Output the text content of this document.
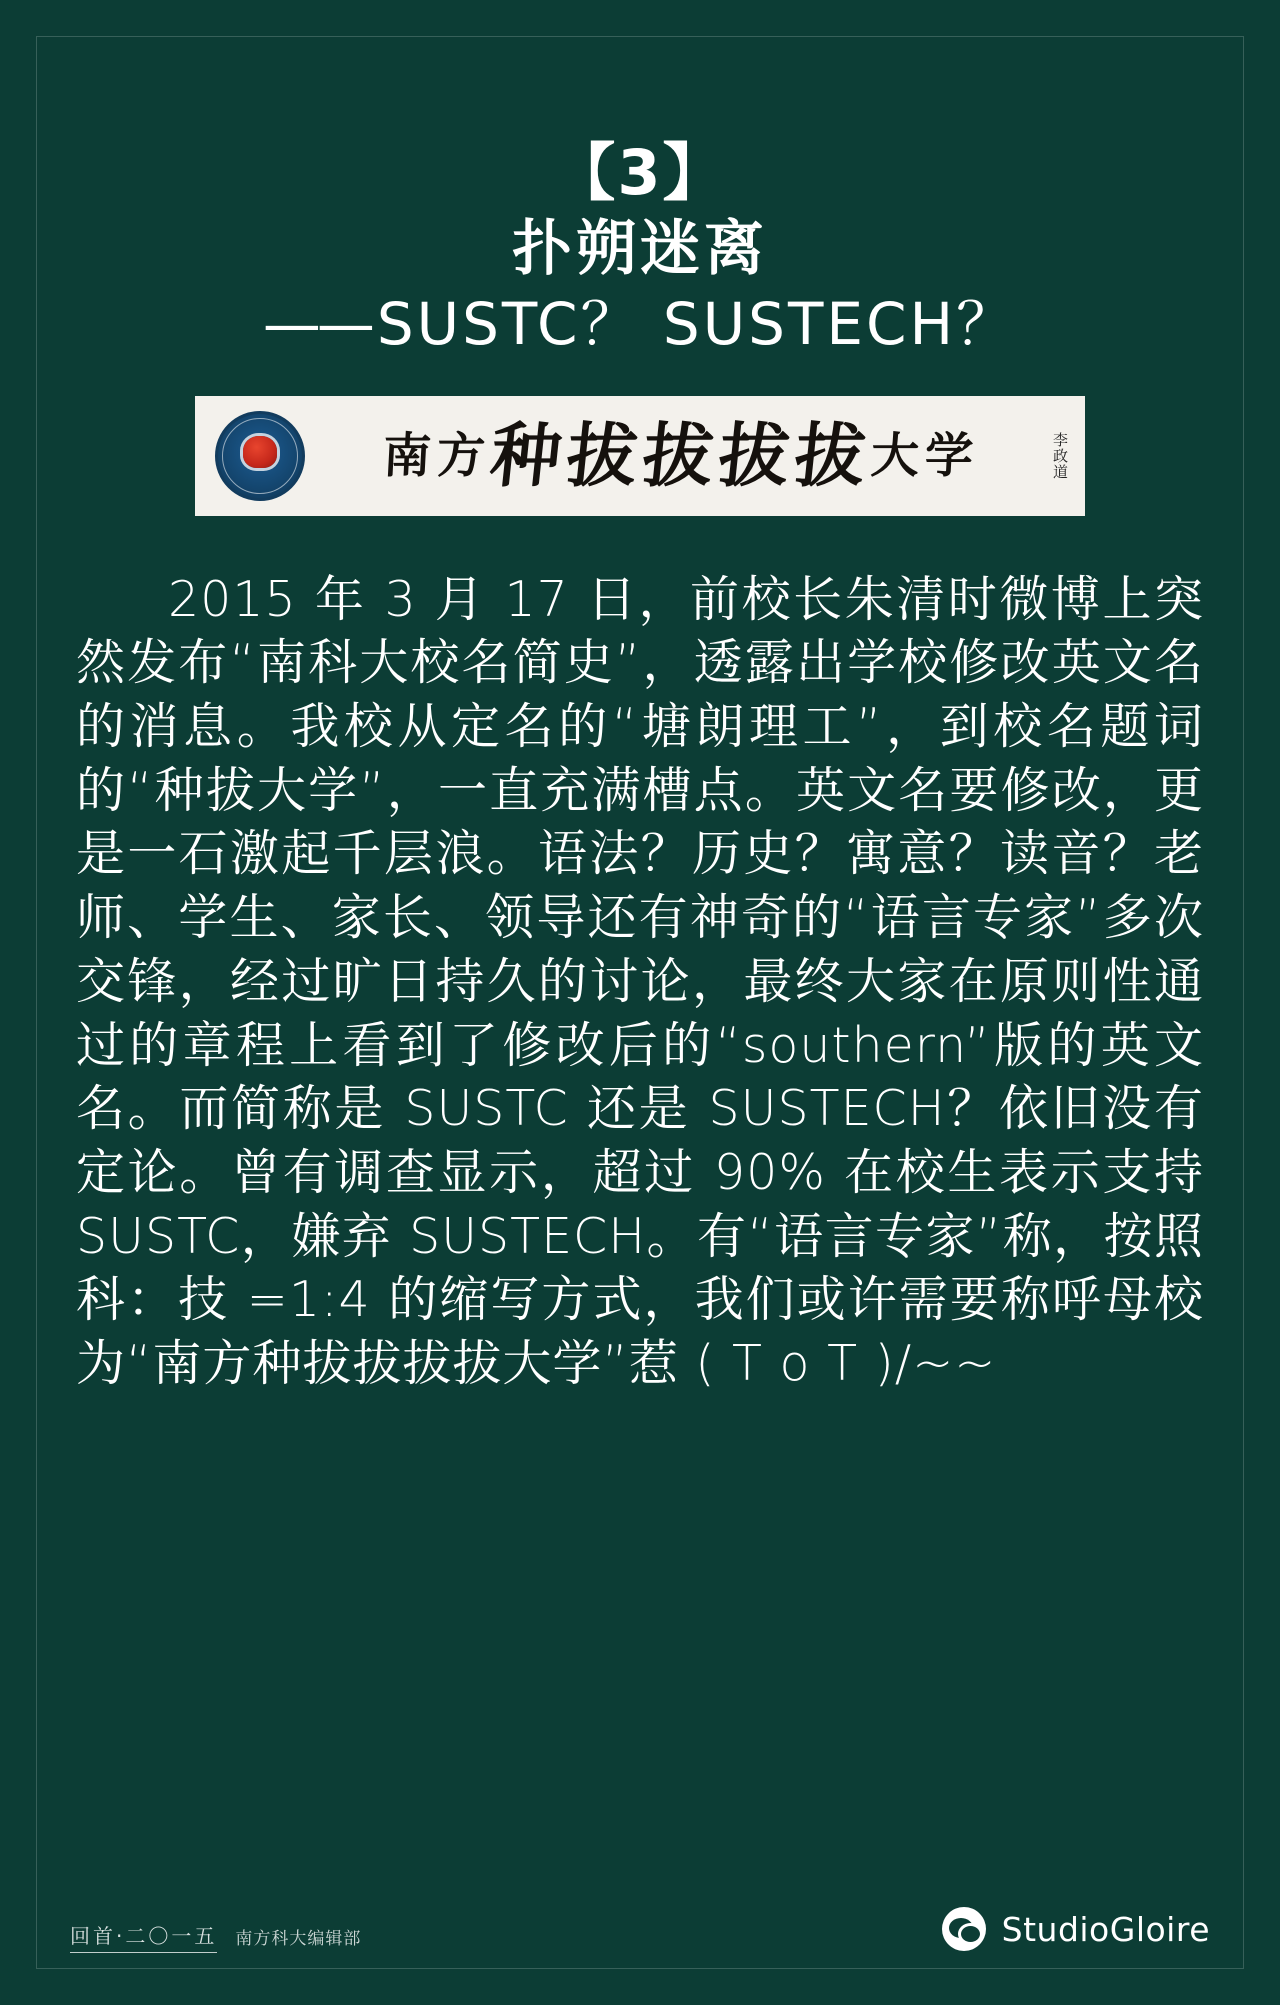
【3】
扑朔迷离
—— SUSTC？ SUSTECH？
南 方 种
拔
拔
拔
拔 大 学	李政道
2015 年 3 月 17 日，前校长朱清时微博上突然发布“南科大校名简史”，透露出学校修改英文名的消息。我校从定名的“塘朗理工”，到校名题词的“种拔大学”，一直充满槽点。英文名要修改，更是一石激起千层浪。语法？历史？寓意？读音？老师、学生、家长、领导还有神奇的“语言专家”多次交锋，经过旷日持久的讨论，最终大家在原则性通过的章程上看到了修改后的“southern”版的英文名。而简称是 SUSTC 还是 SUSTECH？依旧没有定论。曾有调查显示，超过 90% 在校生表示支持 SUSTC，嫌弃 SUSTECH。有“语言专家”称，按照科：技 =1:4 的缩写方式，我们或许需要称呼母校为“南方种拔拔拔拔大学”惹 ( T o T )/~~
回首·二〇一五 南方科大编辑部	StudioGloire
